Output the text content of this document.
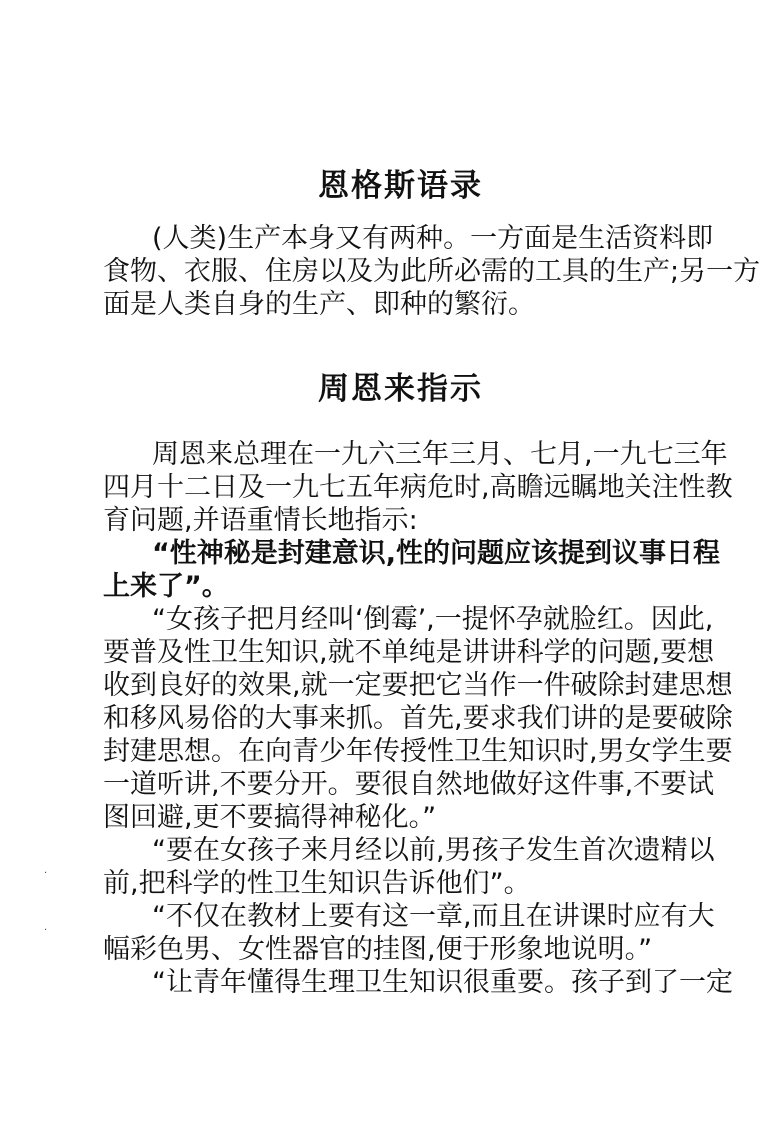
恩格斯语录
(人类)生产本身又有两种。一方面是生活资料即
食物、衣服、住房以及为此所必需的工具的生产;另一方
面是人类自身的生产、即种的繁衍。
周恩来指示
周恩来总理在一九六三年三月、七月,一九七三年
四月十二日及一九七五年病危时,高瞻远瞩地关注性教
育问题,并语重情长地指示:
“性神秘是封建意识,性的问题应该提到议事日程
上来了”。
“女孩子把月经叫‘倒霉’,一提怀孕就脸红。因此,
要普及性卫生知识,就不单纯是讲讲科学的问题,要想
收到良好的效果,就一定要把它当作一件破除封建思想
和移风易俗的大事来抓。首先,要求我们讲的是要破除
封建思想。在向青少年传授性卫生知识时,男女学生要
一道听讲,不要分开。要很自然地做好这件事,不要试
图回避,更不要搞得神秘化。”
“要在女孩子来月经以前,男孩子发生首次遗精以
前,把科学的性卫生知识告诉他们”。
“不仅在教材上要有这一章,而且在讲课时应有大
幅彩色男、女性器官的挂图,便于形象地说明。”
“让青年懂得生理卫生知识很重要。孩子到了一定
·
·
